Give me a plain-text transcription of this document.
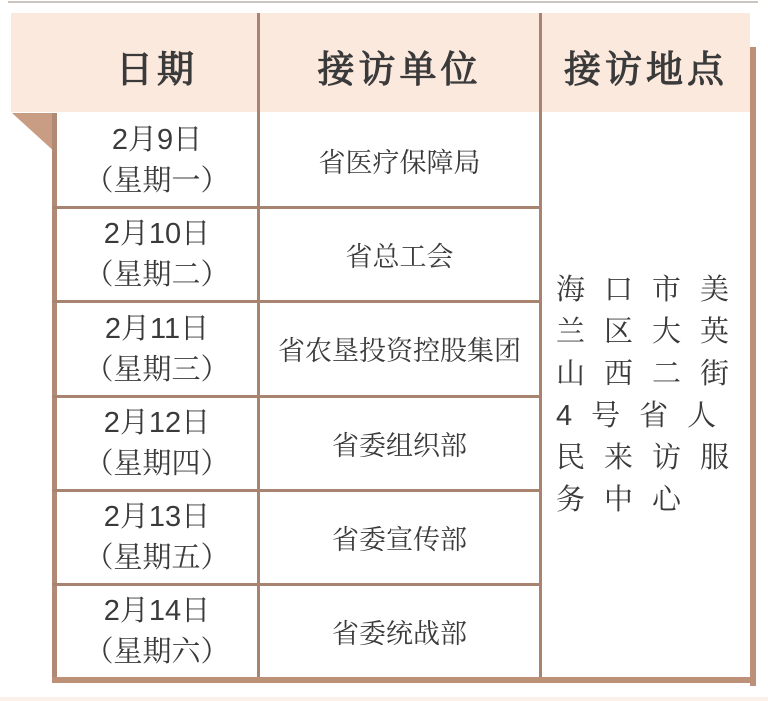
日期	接访单位	接访地点
2月9日
（星期一）
省医疗保障局
2月10日
（星期二）
省总工会
2月11日
（星期三）
省农垦投资控股集团
2月12日
（星期四）
省委组织部
2月13日
（星期五）
省委宣传部
2月14日
（星期六）
省委统战部
海口市美兰区大英山西二街4号省人民来访服务中心
